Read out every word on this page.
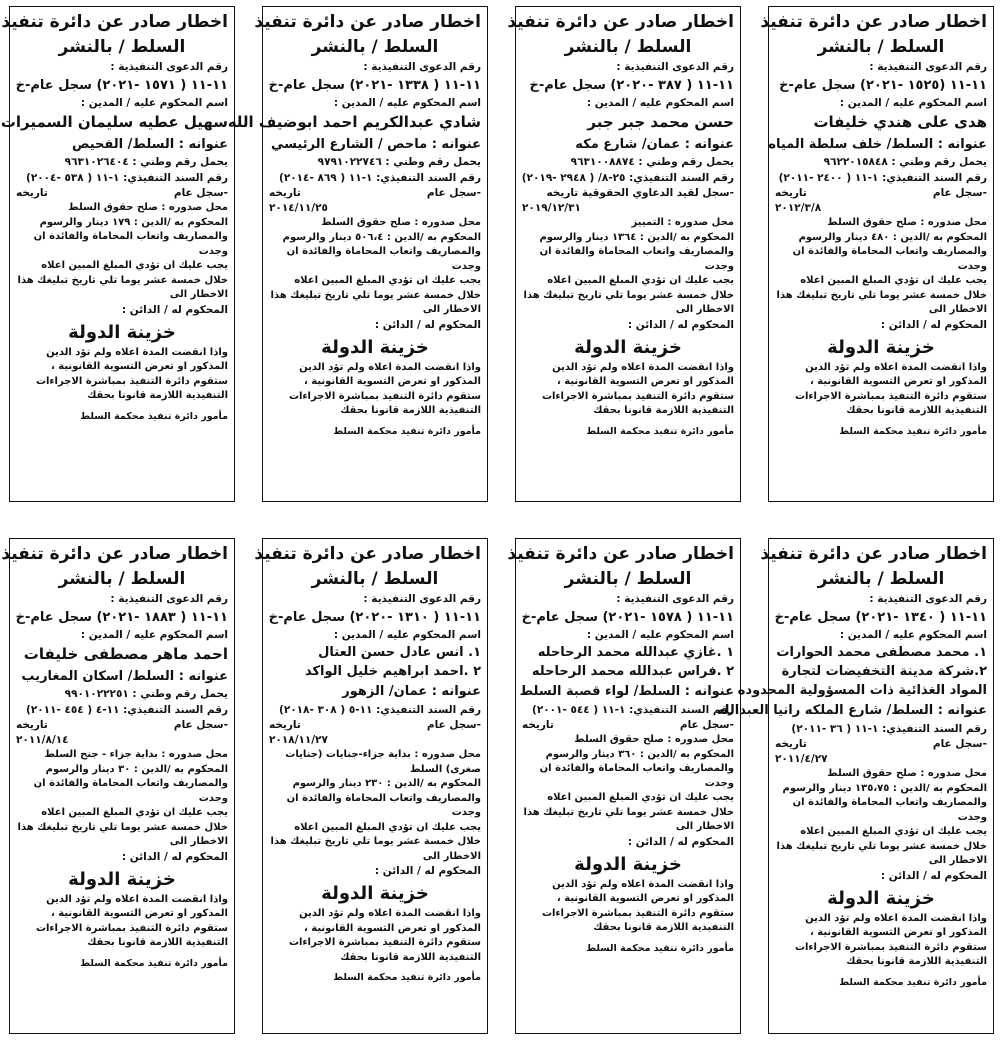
اخطار صادر عن دائرة تنفيذ
السلط / بالنشر
رقم الدعوى التنفيذية :
١١-١١ (١٥٢٥ -٢٠٢١) سجل عام-خ
اسم المحكوم عليه / المدين :
هدى على هندي خليفات
عنوانه : السلط/ خلف سلطة المياه
يحمل رقم وطني : ٩٦٢٢٠١٥٨٤٨
رقم السند التنفيذي: ١-١١ ( ٢٤٠٠ -٢٠١١)
-سجل عام
تاريخه
٢٠١٢/٣/٨
محل صدوره : صلح حقوق السلط
المحكوم به /الدين : ٤٨٠ دينار والرسوم والمصاريف واتعاب المحاماة والفائدة ان وجدت
يجب عليك ان تؤدي المبلغ المبين اعلاه خلال خمسة عشر يوما تلي تاريخ تبليغك هذا الاخطار الى
المحكوم له / الدائن :
خزينة الدولة
واذا انقضت المدة اعلاه ولم تؤد الدين المذكور او تعرض التسوية القانونية ، ستقوم دائرة التنفيذ بمباشرة الاجراءات التنفيذية اللازمة قانونا بحقك
مأمور دائرة تنفيذ محكمة السلط
اخطار صادر عن دائرة تنفيذ
السلط / بالنشر
رقم الدعوى التنفيذية :
١١-١١ ( ٣٨٧ -٢٠٢٠) سجل عام-خ
اسم المحكوم عليه / المدين :
حسن محمد جبر جبر
عنوانه : عمان/ شارع مكه
يحمل رقم وطني : ٩٦٣١٠٠٨٨٧٤
رقم السند التنفيذي: ٢٥-٨/ ( ٢٩٤٨ -٢٠١٩)
-سجل لقيد الدعاوي الحقوقية تاريخه
٢٠١٩/١٢/٣١
محل صدوره : التمييز
المحكوم به /الدين : ١٣٦٤ دينار والرسوم والمصاريف واتعاب المحاماة والفائدة ان وجدت
يجب عليك ان تؤدي المبلغ المبين اعلاه خلال خمسة عشر يوما تلي تاريخ تبليغك هذا الاخطار الى
المحكوم له / الدائن :
خزينة الدولة
واذا انقضت المدة اعلاه ولم تؤد الدين المذكور او تعرض التسوية القانونية ، ستقوم دائرة التنفيذ بمباشرة الاجراءات التنفيذية اللازمة قانونا بحقك
مأمور دائرة تنفيذ محكمة السلط
اخطار صادر عن دائرة تنفيذ
السلط / بالنشر
رقم الدعوى التنفيذية :
١١-١١ ( ١٣٣٨ -٢٠٢١) سجل عام-خ
اسم المحكوم عليه / المدين :
شادي عبدالكريم احمد ابوضيف الله
عنوانه : ماحص / الشارع الرئيسي
يحمل رقم وطني : ٩٧٩١٠٢٢٧٤٦
رقم السند التنفيذي: ١-١١ ( ٨٦٩ -٢٠١٤)
-سجل عام
تاريخه
٢٠١٤/١١/٢٥
محل صدوره : صلح حقوق السلط
المحكوم به /الدين : ٥٠٦،٤ دينار والرسوم والمصاريف واتعاب المحاماة والفائدة ان وجدت
يجب عليك ان تؤدي المبلغ المبين اعلاه خلال خمسة عشر يوما تلي تاريخ تبليغك هذا الاخطار الى
المحكوم له / الدائن :
خزينة الدولة
واذا انقضت المدة اعلاه ولم تؤد الدين المذكور او تعرض التسوية القانونية ، ستقوم دائرة التنفيذ بمباشرة الاجراءات التنفيذية اللازمة قانونا بحقك
مأمور دائرة تنفيذ محكمة السلط
اخطار صادر عن دائرة تنفيذ
السلط / بالنشر
رقم الدعوى التنفيذية :
١١-١١ ( ١٥٧١ -٢٠٢١) سجل عام-خ
اسم المحكوم عليه / المدين :
سهيل عطيه سليمان السميرات
عنوانه : السلط/ الفحيص
يحمل رقم وطني : ٩٦٣١٠٢٦٤٠٤
رقم السند التنفيذي: ١-١١ ( ٥٣٨ -٢٠٠٤)
-سجل عام
تاريخه
محل صدوره : صلح حقوق السلط
المحكوم به /الدين : ١٧٩ دينار والرسوم والمصاريف واتعاب المحاماة والفائدة ان وجدت
يجب عليك ان تؤدي المبلغ المبين اعلاه خلال خمسة عشر يوما تلي تاريخ تبليغك هذا الاخطار الى
المحكوم له / الدائن :
خزينة الدولة
واذا انقضت المدة اعلاه ولم تؤد الدين المذكور او تعرض التسوية القانونية ، ستقوم دائرة التنفيذ بمباشرة الاجراءات التنفيذية اللازمة قانونا بحقك
مأمور دائرة تنفيذ محكمة السلط
اخطار صادر عن دائرة تنفيذ
السلط / بالنشر
رقم الدعوى التنفيذية :
١١-١١ ( ١٣٤٠ -٢٠٢١) سجل عام-خ
اسم المحكوم عليه / المدين :
١. محمد مصطفى محمد الحوارات
٢.شركة مدينة التخفيضات لتجارة
المواد الغذائية ذات المسؤولية المحدوده
عنوانه : السلط/ شارع الملكه رانيا العبدالله
رقم السند التنفيذي: ١-١١ ( ٣٦ -٢٠١١)
-سجل عام
تاريخه
٢٠١١/٤/٢٧
محل صدوره : صلح حقوق السلط
المحكوم به /الدين : ١٣٥،٧٥ دينار والرسوم والمصاريف واتعاب المحاماة والفائدة ان وجدت
يجب عليك ان تؤدي المبلغ المبين اعلاه خلال خمسة عشر يوما تلي تاريخ تبليغك هذا الاخطار الى
المحكوم له / الدائن :
خزينة الدولة
واذا انقضت المدة اعلاه ولم تؤد الدين المذكور او تعرض التسوية القانونية ، ستقوم دائرة التنفيذ بمباشرة الاجراءات التنفيذية اللازمة قانونا بحقك
مأمور دائرة تنفيذ محكمة السلط
اخطار صادر عن دائرة تنفيذ
السلط / بالنشر
رقم الدعوى التنفيذية :
١١-١١ ( ١٥٧٨ -٢٠٢١) سجل عام-خ
اسم المحكوم عليه / المدين :
١ .غازي عبدالله محمد الرحاحله
٢ .فراس عبدالله محمد الرحاحله
عنوانه : السلط/ لواء قصبة السلط
رقم السند التنفيذي: ١-١١ ( ٥٤٤ -٢٠٠١)
-سجل عام
تاريخه
محل صدوره : صلح حقوق السلط
المحكوم به /الدين : ٣٦٠ دينار والرسوم والمصاريف واتعاب المحاماة والفائدة ان وجدت
يجب عليك ان تؤدي المبلغ المبين اعلاه خلال خمسة عشر يوما تلي تاريخ تبليغك هذا الاخطار الى
المحكوم له / الدائن :
خزينة الدولة
واذا انقضت المدة اعلاه ولم تؤد الدين المذكور او تعرض التسوية القانونية ، ستقوم دائرة التنفيذ بمباشرة الاجراءات التنفيذية اللازمة قانونا بحقك
مأمور دائرة تنفيذ محكمة السلط
اخطار صادر عن دائرة تنفيذ
السلط / بالنشر
رقم الدعوى التنفيذية :
١١-١١ ( ١٣١٠ -٢٠٢٠) سجل عام-خ
اسم المحكوم عليه / المدين :
١. انس عادل حسن العتال
٢ .احمد ابراهيم خليل الواكد
عنوانه : عمان/ الزهور
رقم السند التنفيذي: ١١-٥ ( ٣٠٨ -٢٠١٨)
-سجل عام
تاريخه
٢٠١٨/١١/٢٧
محل صدوره : بداية جزاء-جنايات (جنايات صغرى) السلط
المحكوم به /الدين : ٢٣٠ دينار والرسوم والمصاريف واتعاب المحاماة والفائدة ان وجدت
يجب عليك ان تؤدي المبلغ المبين اعلاه خلال خمسة عشر يوما تلي تاريخ تبليغك هذا الاخطار الى
المحكوم له / الدائن :
خزينة الدولة
واذا انقضت المدة اعلاه ولم تؤد الدين المذكور او تعرض التسوية القانونية ، ستقوم دائرة التنفيذ بمباشرة الاجراءات التنفيذية اللازمة قانونا بحقك
مأمور دائرة تنفيذ محكمة السلط
اخطار صادر عن دائرة تنفيذ
السلط / بالنشر
رقم الدعوى التنفيذية :
١١-١١ ( ١٨٨٣ -٢٠٢١) سجل عام-خ
اسم المحكوم عليه / المدين :
احمد ماهر مصطفى خليفات
عنوانه : السلط/ اسكان المغاريب
يحمل رقم وطني : ٩٩٠١٠٢٢٢٥١
رقم السند التنفيذي: ١١-٤ ( ٤٥٤ -٢٠١١)
-سجل عام
تاريخه
٢٠١١/٨/١٤
محل صدوره : بداية جزاء - جنح السلط
المحكوم به /الدين : ٣٠ دينار والرسوم والمصاريف واتعاب المحاماة والفائدة ان وجدت
يجب عليك ان تؤدي المبلغ المبين اعلاه خلال خمسة عشر يوما تلي تاريخ تبليغك هذا الاخطار الى
المحكوم له / الدائن :
خزينة الدولة
واذا انقضت المدة اعلاه ولم تؤد الدين المذكور او تعرض التسوية القانونية ، ستقوم دائرة التنفيذ بمباشرة الاجراءات التنفيذية اللازمة قانونا بحقك
مأمور دائرة تنفيذ محكمة السلط
